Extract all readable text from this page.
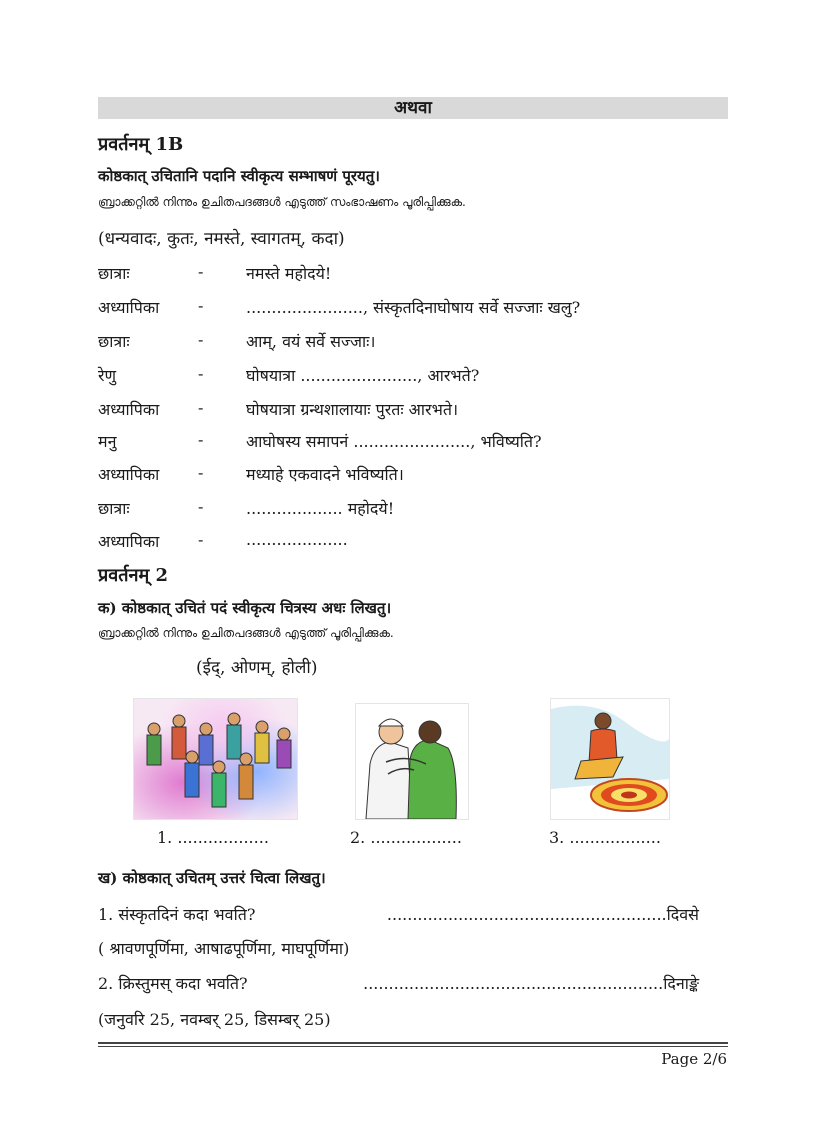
अथवा
प्रवर्तनम् 1B
कोष्ठकात् उचितानि पदानि स्वीकृत्य सम्भाषणं पूरयतु।
ബ്രാക്കറ്റിൽ നിന്നും ഉചിതപദങ്ങൾ എടുത്ത് സംഭാഷണം പൂരിപ്പിക്കുക.
(धन्यवादः, कुतः, नमस्ते, स्वागतम्, कदा)
छात्राः	-	नमस्ते महोदये!
अध्यापिका -	......................., संस्कृतदिनाघोषाय सर्वे सज्जाः खलु?
छात्राः	-	आम्, वयं सर्वे सज्जाः।
रेणु	-	घोषयात्रा ......................., आरभते?
अध्यापिका -	घोषयात्रा ग्रन्थशालायाः पुरतः आरभते।
मनु	-	आघोषस्य समापनं ......................., भविष्यति?
अध्यापिका -	मध्याहे एकवादने भविष्यति।
छात्राः	-	................... महोदये!
अध्यापिका -	....................
प्रवर्तनम् 2
क) कोष्ठकात् उचितं पदं स्वीकृत्य चित्रस्य अधः लिखतु।
ബ്രാക്കറ്റിൽ നിന്നും ഉചിതപദങ്ങൾ എടുത്ത് പൂരിപ്പിക്കുക.
(ईद्, ओणम्, होली)
1. ..................	2. ..................	3. ..................
ख) कोष्ठकात् उचितम् उत्तरं चित्वा लिखतु।
1. संस्कृतदिनं कदा भवति?	.......................................................दिवसे
( श्रावणपूर्णिमा, आषाढपूर्णिमा, माघपूर्णिमा)
2. क्रिस्तुमस् कदा भवति?	...........................................................दिनाङ्के
(जनुवरि 25, नवम्बर् 25, डिसम्बर् 25)
Page 2/6
